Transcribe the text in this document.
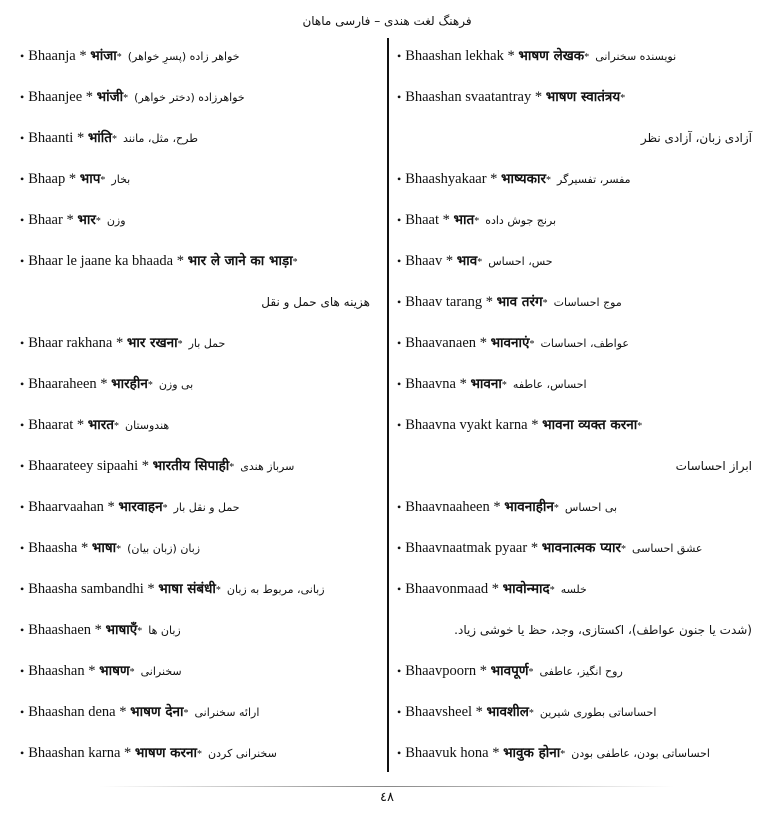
فرهنگ لغت هندی – فارسی ماهان
• Bhaanja * भांजा* خواهر زاده (پسرِ خواهر)
• Bhaanjee * भांजी* خواهرزاده (دختر خواهر)
• Bhaanti * भांति* طرح، مثل، مانند
• Bhaap * भाप* بخار
• Bhaar * भार* وزن
• Bhaar le jaane ka bhaada * भार ले जाने का भाड़ा*
هزینه های حمل و نقل
• Bhaar rakhana * भार रखना* حمل بار
• Bhaaraheen * भारहीन* بی وزن
• Bhaarat * भारत* هندوستان
• Bhaarateey sipaahi * भारतीय सिपाही* سرباز هندی
• Bhaarvaahan * भारवाहन* حمل و نقل بار
• Bhaasha * भाषा* زبان (زبان بیان)
• Bhaasha sambandhi * भाषा संबंधी* زبانی، مربوط به زبان
• Bhaashaen * भाषाएँ* زبان ها
• Bhaashan * भाषण* سخنرانی
• Bhaashan dena * भाषण देना* ارائه سخنرانی
• Bhaashan karna * भाषण करना* سخنرانی کردن
• Bhaashan lekhak * भाषण लेखक* نویسنده سخنرانی
• Bhaashan svaatantray * भाषण स्वातंत्रय*
آزادی زبان، آزادی نظر
• Bhaashyakaar * भाष्यकार* مفسر، تفسیرگر
• Bhaat * भात* برنج جوش داده
• Bhaav * भाव* حس، احساس
• Bhaav tarang * भाव तरंग* موج احساسات
• Bhaavanaen * भावनाएं* عواطف، احساسات
• Bhaavna * भावना* احساس، عاطفه
• Bhaavna vyakt karna * भावना व्यक्त करना*
ابراز احساسات
• Bhaavnaaheen * भावनाहीन* بی احساس
• Bhaavnaatmak pyaar * भावनात्मक प्यार* عشق احساسی
• Bhaavonmaad * भावोन्माद* خلسه
(شدت یا جنون عواطف)، اکستازی، وجد، حظ یا خوشی زیاد.
• Bhaavpoorn * भावपूर्ण* روح انگیز، عاطفی
• Bhaavsheel * भावशील* احساساتی بطوری شیرین
• Bhaavuk hona * भावुक होना* احساساتی بودن، عاطفی بودن
٤٨
